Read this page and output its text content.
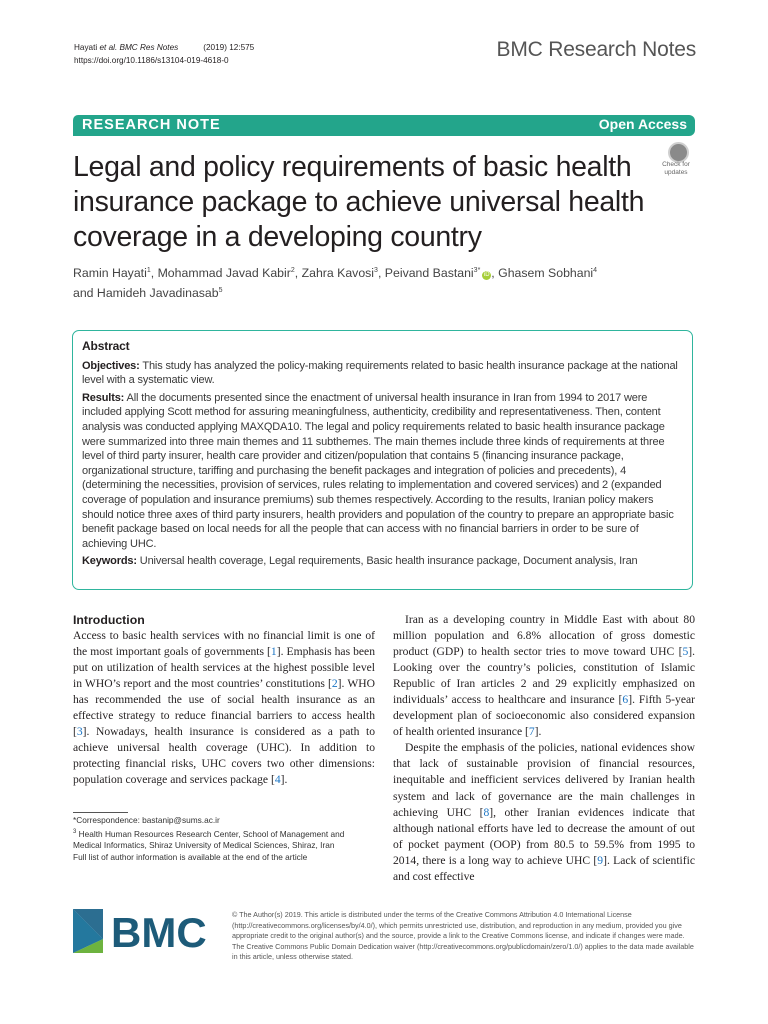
Hayati et al. BMC Res Notes	(2019) 12:575
https://doi.org/10.1186/s13104-019-4618-0	BMC Research Notes
RESEARCH NOTE	Open Access
Legal and policy requirements of basic health insurance package to achieve universal health coverage in a developing country
Check for updates
Ramin Hayati$^1$, Mohammad Javad Kabir$^2$, Zahra Kavosi$^3$, Peivand Bastani$^{3*}$iD , Ghasem Sobhani$^4$
and Hamideh Javadinasab$^5$
Abstract

Objectives: This study has analyzed the policy-making requirements related to basic health insurance package at the national level with a systematic view.

Results: All the documents presented since the enactment of universal health insurance in Iran from 1994 to 2017 were included applying Scott method for assuring meaningfulness, authenticity, credibility and representativeness. Then, content analysis was conducted applying MAXQDA10. The legal and policy requirements related to basic health insurance package were summarized into three main themes and 11 subthemes. The main themes include three kinds of requirements at three level of third party insurer, health care provider and citizen/population that contains 5 (financing insurance package, organizational structure, tariffing and purchasing the benefit packages and integration of policies and precedents), 4 (determining the necessities, provision of services, rules relating to implementation and covered services) and 2 (expanded coverage of population and insurance premiums) sub themes respectively. According to the results, Iranian policy makers should notice three axes of third party insurers, health providers and population of the country to prepare an appropriate basic benefit package based on local needs for all the people that can access with no financial barriers in order to be sure of achieving UHC.

Keywords: Universal health coverage, Legal requirements, Basic health insurance package, Document analysis, Iran

Introduction

Access to basic health services with no financial limit is one of the most important goals of governments [1]. Emphasis has been put on utilization of health services at the highest possible level in WHO’s report and the most countries’ constitutions [2]. WHO has recommended the use of social health insurance as an effective strategy to reduce financial barriers to access health [3]. Nowadays, health insurance is considered as a path to achieve universal health coverage (UHC). In addition to protecting financial risks, UHC covers two other dimensions: population coverage and services package [4].

Iran as a developing country in Middle East with about 80 million population and 6.8% allocation of gross domestic product (GDP) to health sector tries to move toward UHC [5]. Looking over the country’s policies, constitution of Islamic Republic of Iran articles 2 and 29 explicitly emphasized on individuals’ access to healthcare and insurance [6]. Fifth 5-year development plan of socioeconomic also considered expansion of health oriented insurance [7].

Despite the emphasis of the policies, national evidences show that lack of sustainable provision of financial resources, inequitable and inefficient services delivered by Iranian health system and lack of governance are the main challenges in achieving UHC [8], other Iranian evidences indicate that although national efforts have led to decrease the amount of out of pocket payment (OOP) from 80.5 to 59.5% from 1995 to 2014, there is a long way to achieve UHC [9]. Lack of scientific and cost effective

*Correspondence: bastanip@sums.ac.ir

$^3$ Health Human Resources Research Center, School of Management and Medical Informatics, Shiraz University of Medical Sciences, Shiraz, Iran

Full list of author information is available at the end of the article

BMC	© The Author(s) 2019. This article is distributed under the terms of the Creative Commons Attribution 4.0 International License (http://creativecommons.org/licenses/by/4.0/), which permits unrestricted use, distribution, and reproduction in any medium, provided you give appropriate credit to the original author(s) and the source, provide a link to the Creative Commons license, and indicate if changes were made. The Creative Commons Public Domain Dedication waiver (http://creativecommons.org/publicdomain/zero/1.0/) applies to the data made available in this article, unless otherwise stated.
